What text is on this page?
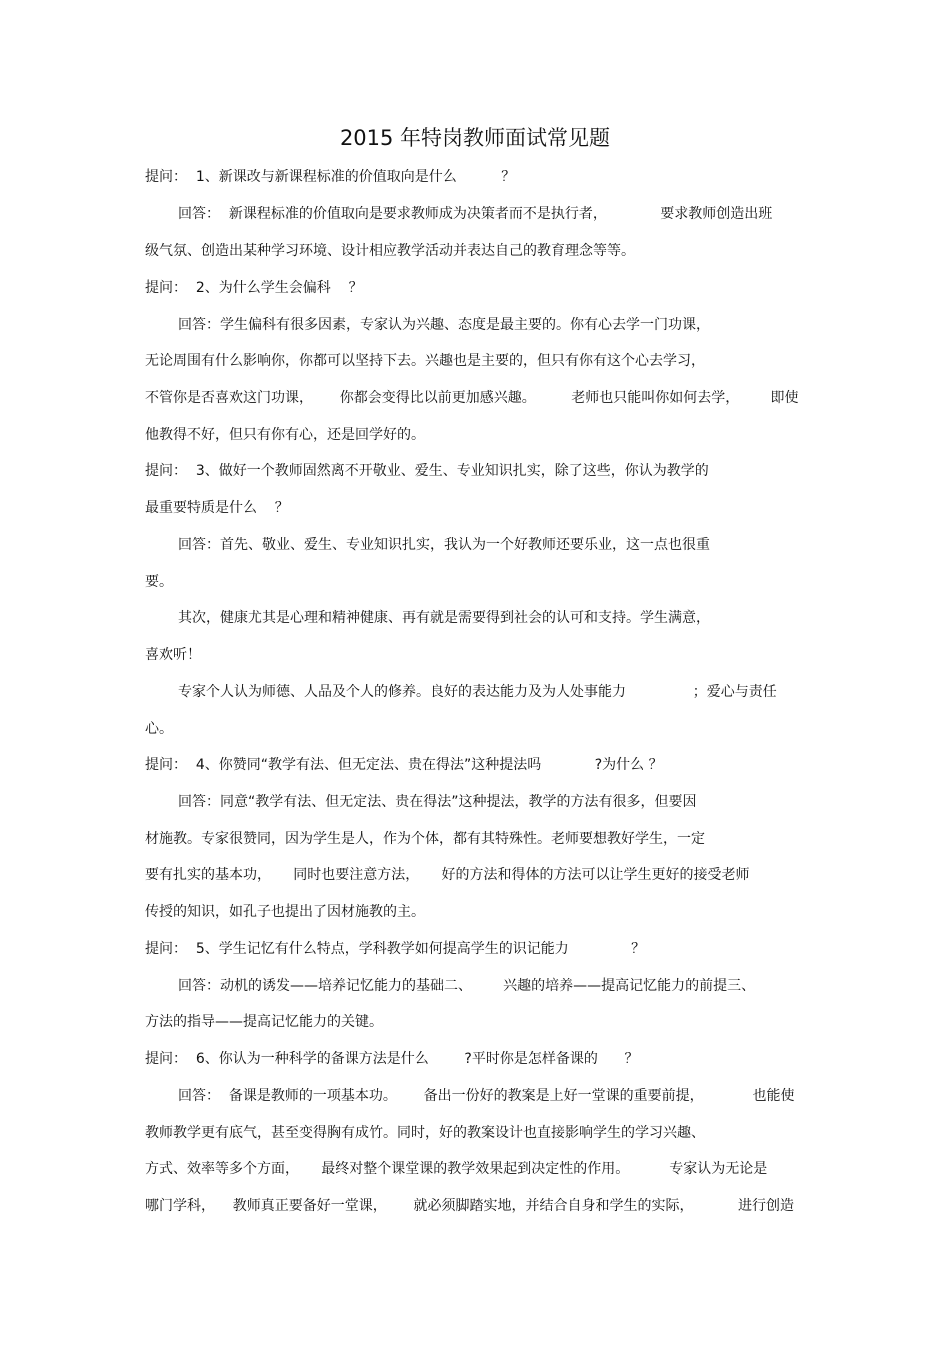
2015 年特岗教师面试常见题
提问：  1、新课改与新课程标准的价值取向是什么          ？
回答：  新课程标准的价值取向是要求教师成为决策者而不是执行者，            要求教师创造出班
级气氛、创造出某种学习环境、设计相应教学活动并表达自己的教育理念等等。
提问：  2、为什么学生会偏科    ？
回答：学生偏科有很多因素，专家认为兴趣、态度是最主要的。你有心去学一门功课，
无论周围有什么影响你，你都可以坚持下去。兴趣也是主要的，但只有你有这个心去学习，
不管你是否喜欢这门功课，      你都会变得比以前更加感兴趣。        老师也只能叫你如何去学，       即使
他教得不好，但只有你有心，还是回学好的。
提问：  3、做好一个教师固然离不开敬业、爱生、专业知识扎实，除了这些，你认为教学的
最重要特质是什么    ？
回答：首先、敬业、爱生、专业知识扎实，我认为一个好教师还要乐业，这一点也很重
要。
其次，健康尤其是心理和精神健康、再有就是需要得到社会的认可和支持。学生满意，
喜欢听！
专家个人认为师德、人品及个人的修养。良好的表达能力及为人处事能力               ；爱心与责任
心。
提问：  4、你赞同“教学有法、但无定法、贵在得法”这种提法吗            ?为什么 ？
回答：同意“教学有法、但无定法、贵在得法”这种提法，教学的方法有很多，但要因
材施教。专家很赞同，因为学生是人，作为个体，都有其特殊性。老师要想教好学生，一定
要有扎实的基本功，     同时也要注意方法，     好的方法和得体的方法可以让学生更好的接受老师
传授的知识，如孔子也提出了因材施教的主。
提问：  5、学生记忆有什么特点，学科教学如何提高学生的识记能力              ？
回答：动机的诱发——培养记忆能力的基础二、       兴趣的培养——提高记忆能力的前提三、
方法的指导——提高记忆能力的关键。
提问：  6、你认为一种科学的备课方法是什么        ?平时你是怎样备课的      ？
回答：  备课是教师的一项基本功。      备出一份好的教案是上好一堂课的重要前提，           也能使
教师教学更有底气，甚至变得胸有成竹。同时，好的教案设计也直接影响学生的学习兴趣、
方式、效率等多个方面，     最终对整个课堂课的教学效果起到决定性的作用。         专家认为无论是
哪门学科，    教师真正要备好一堂课，      就必须脚踏实地，并结合自身和学生的实际，          进行创造
